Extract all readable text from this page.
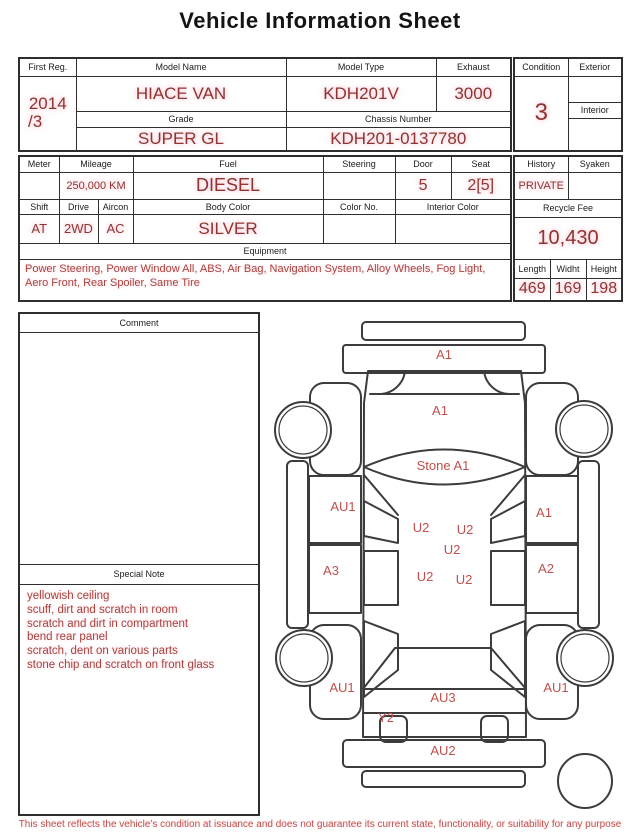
Vehicle Information Sheet
First Reg.	Model Name	Model Type	Exhaust

2014
/3	HIACE VAN	KDH201V	3000
	Grade	Chassis Number	
	SUPER GL	KDH201-0137780	
Condition	Exterior
3	
	Interior

Meter	Mileage		Fuel	Steering	Door	Seat
	250,000 KM		DIESEL		5	2[5]
Shift	Drive	Aircon	Body Color	Color No.	Interior Color	
AT	2WD	AC	SILVER			
Equipment						
Power Steering, Power Window All, ABS, Air Bag, Navigation System, Alloy Wheels, Fog Light, Aero Front, Rear Spoiler, Same Tire						
History		Syaken	
PRIVATE			
Recycle Fee			
10,430			
Length	Widht		Height
469	169		198
Comment
Special Note
yellowish ceiling
scuff, dirt and scratch in room
scratch and dirt in compartment
bend rear panel
scratch, dent on various parts
stone chip and scratch on front glass
A1
A1
Stone A1
AU1	A1
U2 U2
U2
A3	A2
U2 U2
AU1	AU1
AU3
Y2
AU2
This sheet reflects the vehicle's condition at issuance and does not guarantee its current state, functionality, or suitability for any purpose
